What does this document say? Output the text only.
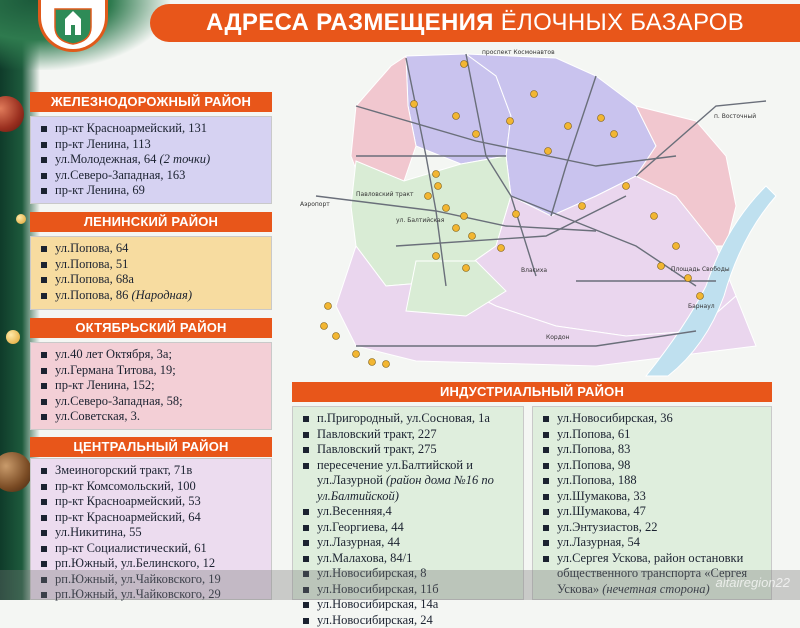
АДРЕСА РАЗМЕЩЕНИЯ ЁЛОЧНЫХ БАЗАРОВ
ЖЕЛЕЗНОДОРОЖНЫЙ РАЙОН
пр-кт Красноармейский, 131
пр-кт Ленина, 113
ул.Молодежная, 64 (2 точки)
ул.Северо-Западная, 163
пр-кт Ленина, 69
ЛЕНИНСКИЙ РАЙОН
ул.Попова, 64
ул.Попова, 51
ул.Попова, 68а
ул.Попова, 86 (Народная)
ОКТЯБРЬСКИЙ РАЙОН
ул.40 лет Октября, 3а;
ул.Германа Титова, 19;
пр-кт Ленина, 152;
ул.Северо-Западная, 58;
ул.Советская, 3.
ЦЕНТРАЛЬНЫЙ РАЙОН
Змеиногорский тракт, 71в
пр-кт Комсомольский, 100
пр-кт Красноармейский, 53
пр-кт Красноармейский, 64
ул.Никитина, 55
пр-кт Социалистический, 61
рп.Южный, ул.Белинского, 12
рп.Южный, ул.Чайковского, 19
рп.Южный, ул.Чайковского, 29
ИНДУСТРИАЛЬНЫЙ РАЙОН
п.Пригородный, ул.Сосновая, 1а
Павловский тракт, 227
Павловский тракт, 275
пересечение ул.Балтийской и ул.Лазурной (район дома №16 по ул.Балтийской)
ул.Весенняя,4
ул.Георгиева, 44
ул.Лазурная, 44
ул.Малахова, 84/1
ул.Новосибирская, 8
ул.Новосибирская, 11б
ул.Новосибирская, 14а
ул.Новосибирская, 24
ул.Новосибирская, 36
ул.Попова, 61
ул.Попова, 83
ул.Попова, 98
ул.Попова, 188
ул.Шумакова, 33
ул.Шумакова, 47
ул.Энтузиастов, 22
ул.Лазурная, 54
ул.Сергея Ускова, район остановки общественного транспорта «Сергея Ускова» (нечетная сторона)
проспект Космонавтов
п. Восточный
Аэропорт
Павловский тракт
ул. Балтийская
Власиха
Кордон
Барнаул
Площадь Свободы
altairegion22
